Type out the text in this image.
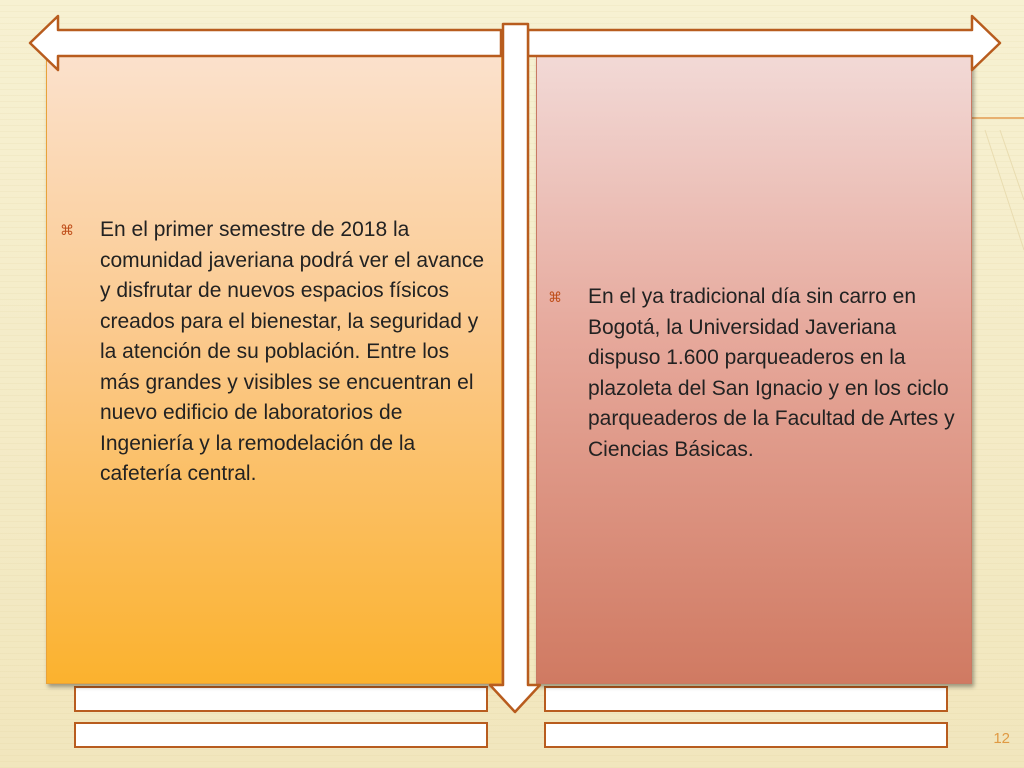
⌘	En el primer semestre de 2018 la comunidad javeriana podrá ver el avance y disfrutar de nuevos espacios físicos creados para el bienestar, la seguridad y la atención de su población. Entre los más grandes y visibles se encuentran el nuevo edificio de laboratorios de Ingeniería y la remodelación de la cafetería central.
⌘	En el ya tradicional día sin carro en Bogotá, la Universidad Javeriana dispuso 1.600 parqueaderos en la plazoleta del San Ignacio y en los ciclo parqueaderos de la Facultad de Artes y Ciencias Básicas.
12
